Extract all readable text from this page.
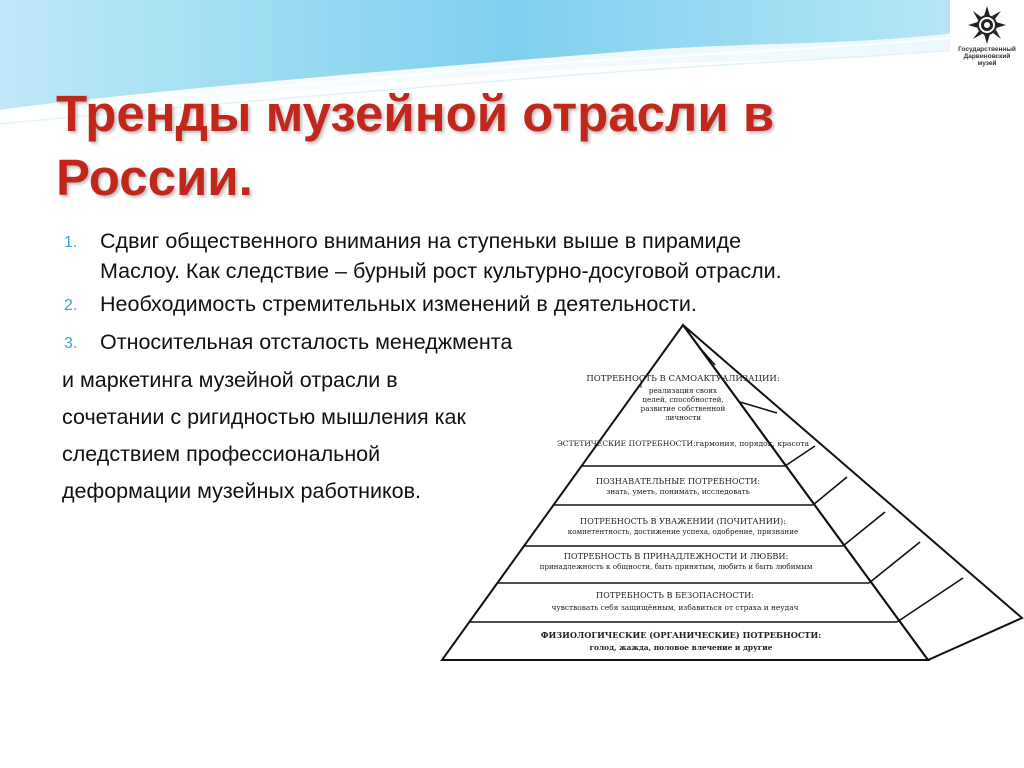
Государственный
Дарвиновский
музей
Тренды музейной отрасли в России.
1. Сдвиг общественного внимания на ступеньки выше в пирамиде
Маслоу. Как следствие – бурный рост культурно-досуговой отрасли.
2. Необходимость стремительных изменений в деятельности.
3. Относительная отсталость менеджмента
и маркетинга музейной отрасли в
сочетании с ригидностью мышления как
следствием профессиональной
деформации музейных работников.
ПОТРЕБНОСТЬ В САМОАКТУАЛИЗАЦИИ:
реализация своих
целей, способностей,
развитие собственной
личности
ЭСТЕТИЧЕСКИЕ ПОТРЕБНОСТИ:гармония, порядок, красота
ПОЗНАВАТЕЛЬНЫЕ ПОТРЕБНОСТИ:
знать, уметь, понимать, исследовать
ПОТРЕБНОСТЬ В УВАЖЕНИИ (ПОЧИТАНИИ):
компетентность, достижение успеха, одобрение, признание
ПОТРЕБНОСТЬ В ПРИНАДЛЕЖНОСТИ И ЛЮБВИ:
принадлежность к общности, быть принятым, любить и быть любимым
ПОТРЕБНОСТЬ В БЕЗОПАСНОСТИ:
чувствовать себя защищённым, избавиться от страха и неудач
ФИЗИОЛОГИЧЕСКИЕ (ОРГАНИЧЕСКИЕ) ПОТРЕБНОСТИ:
голод, жажда, половое влечение и другие
